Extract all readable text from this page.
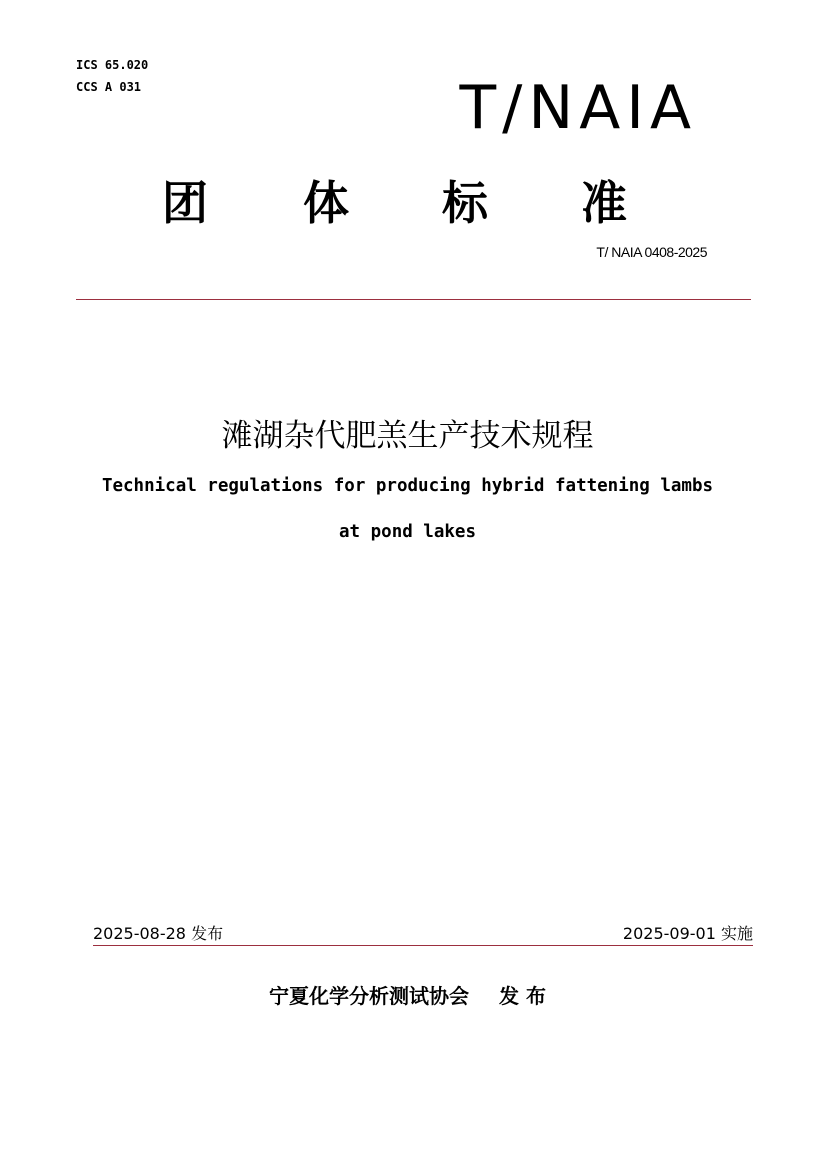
ICS 65.020
CCS A 031	T/NAIA
团 体 标 准
T/ NAIA 0408-2025
滩湖杂代肥羔生产技术规程
Technical regulations for producing hybrid fattening lambs
at pond lakes
2025-08-28 发布	2025-09-01 实施
宁夏化学分析测试协会 发 布
